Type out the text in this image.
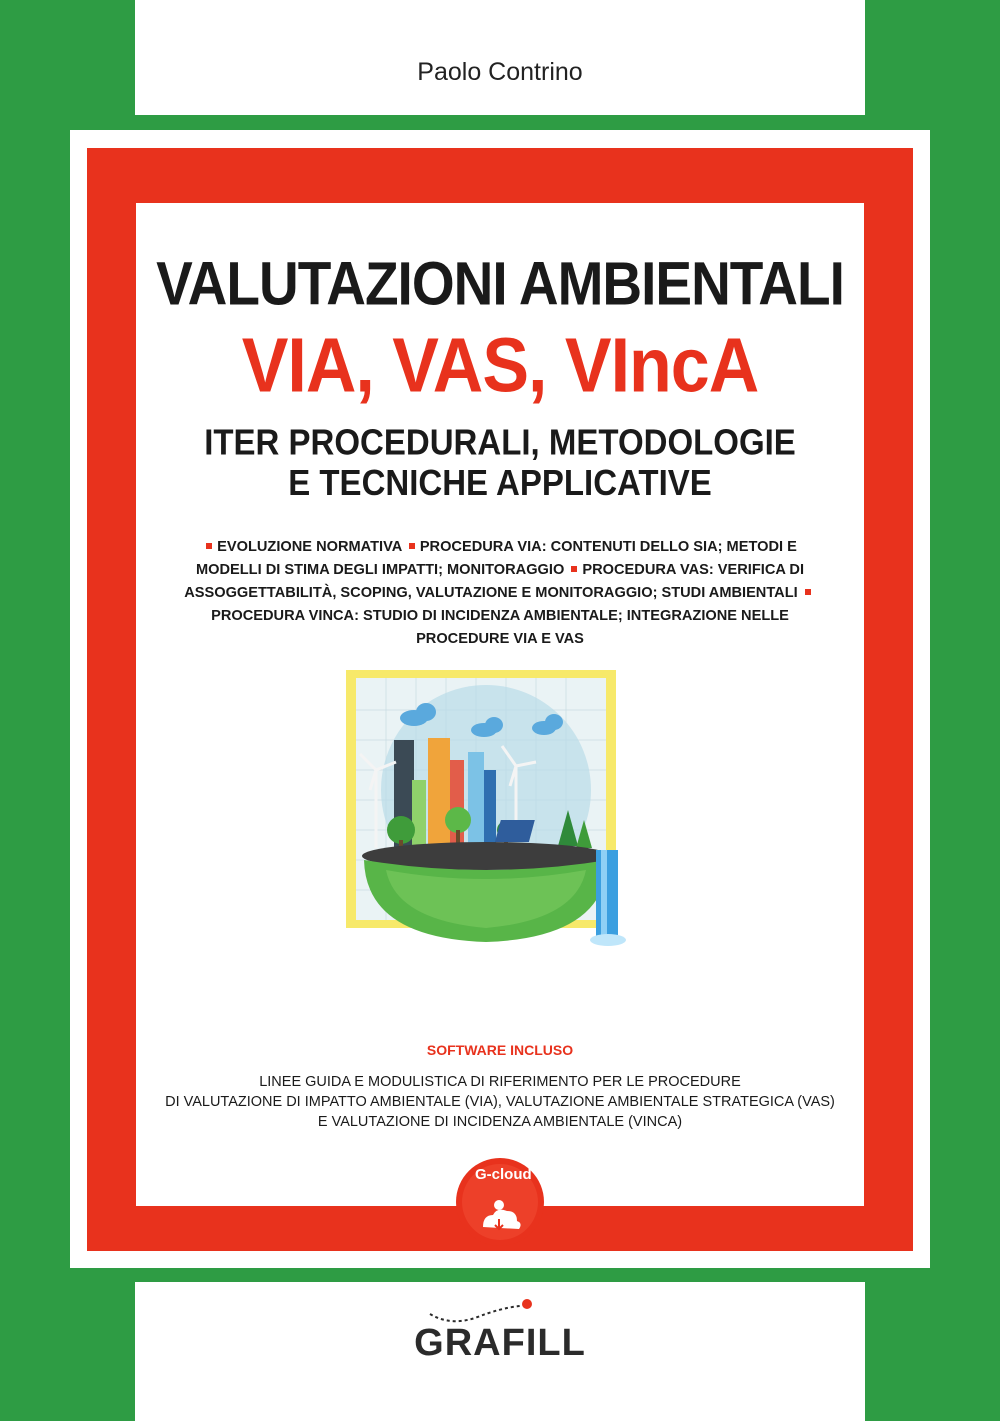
Paolo Contrino
VALUTAZIONI AMBIENTALI
VIA, VAS, VIncA
ITER PROCEDURALI, METODOLOGIE
E TECNICHE APPLICATIVE
EVOLUZIONE NORMATIVA PROCEDURA VIA: CONTENUTI DELLO SIA; METODI E MODELLI DI STIMA DEGLI IMPATTI; MONITORAGGIO PROCEDURA VAS: VERIFICA DI ASSOGGETTABILITÀ, SCOPING, VALUTAZIONE E MONITORAGGIO; STUDI AMBIENTALI PROCEDURA VINCA: STUDIO DI INCIDENZA AMBIENTALE; INTEGRAZIONE NELLE PROCEDURE VIA E VAS
SOFTWARE INCLUSO
LINEE GUIDA E MODULISTICA DI RIFERIMENTO PER LE PROCEDURE
DI VALUTAZIONE DI IMPATTO AMBIENTALE (VIA), VALUTAZIONE AMBIENTALE STRATEGICA (VAS)
E VALUTAZIONE DI INCIDENZA AMBIENTALE (VINCA)
G-cloud
GRAFILL
